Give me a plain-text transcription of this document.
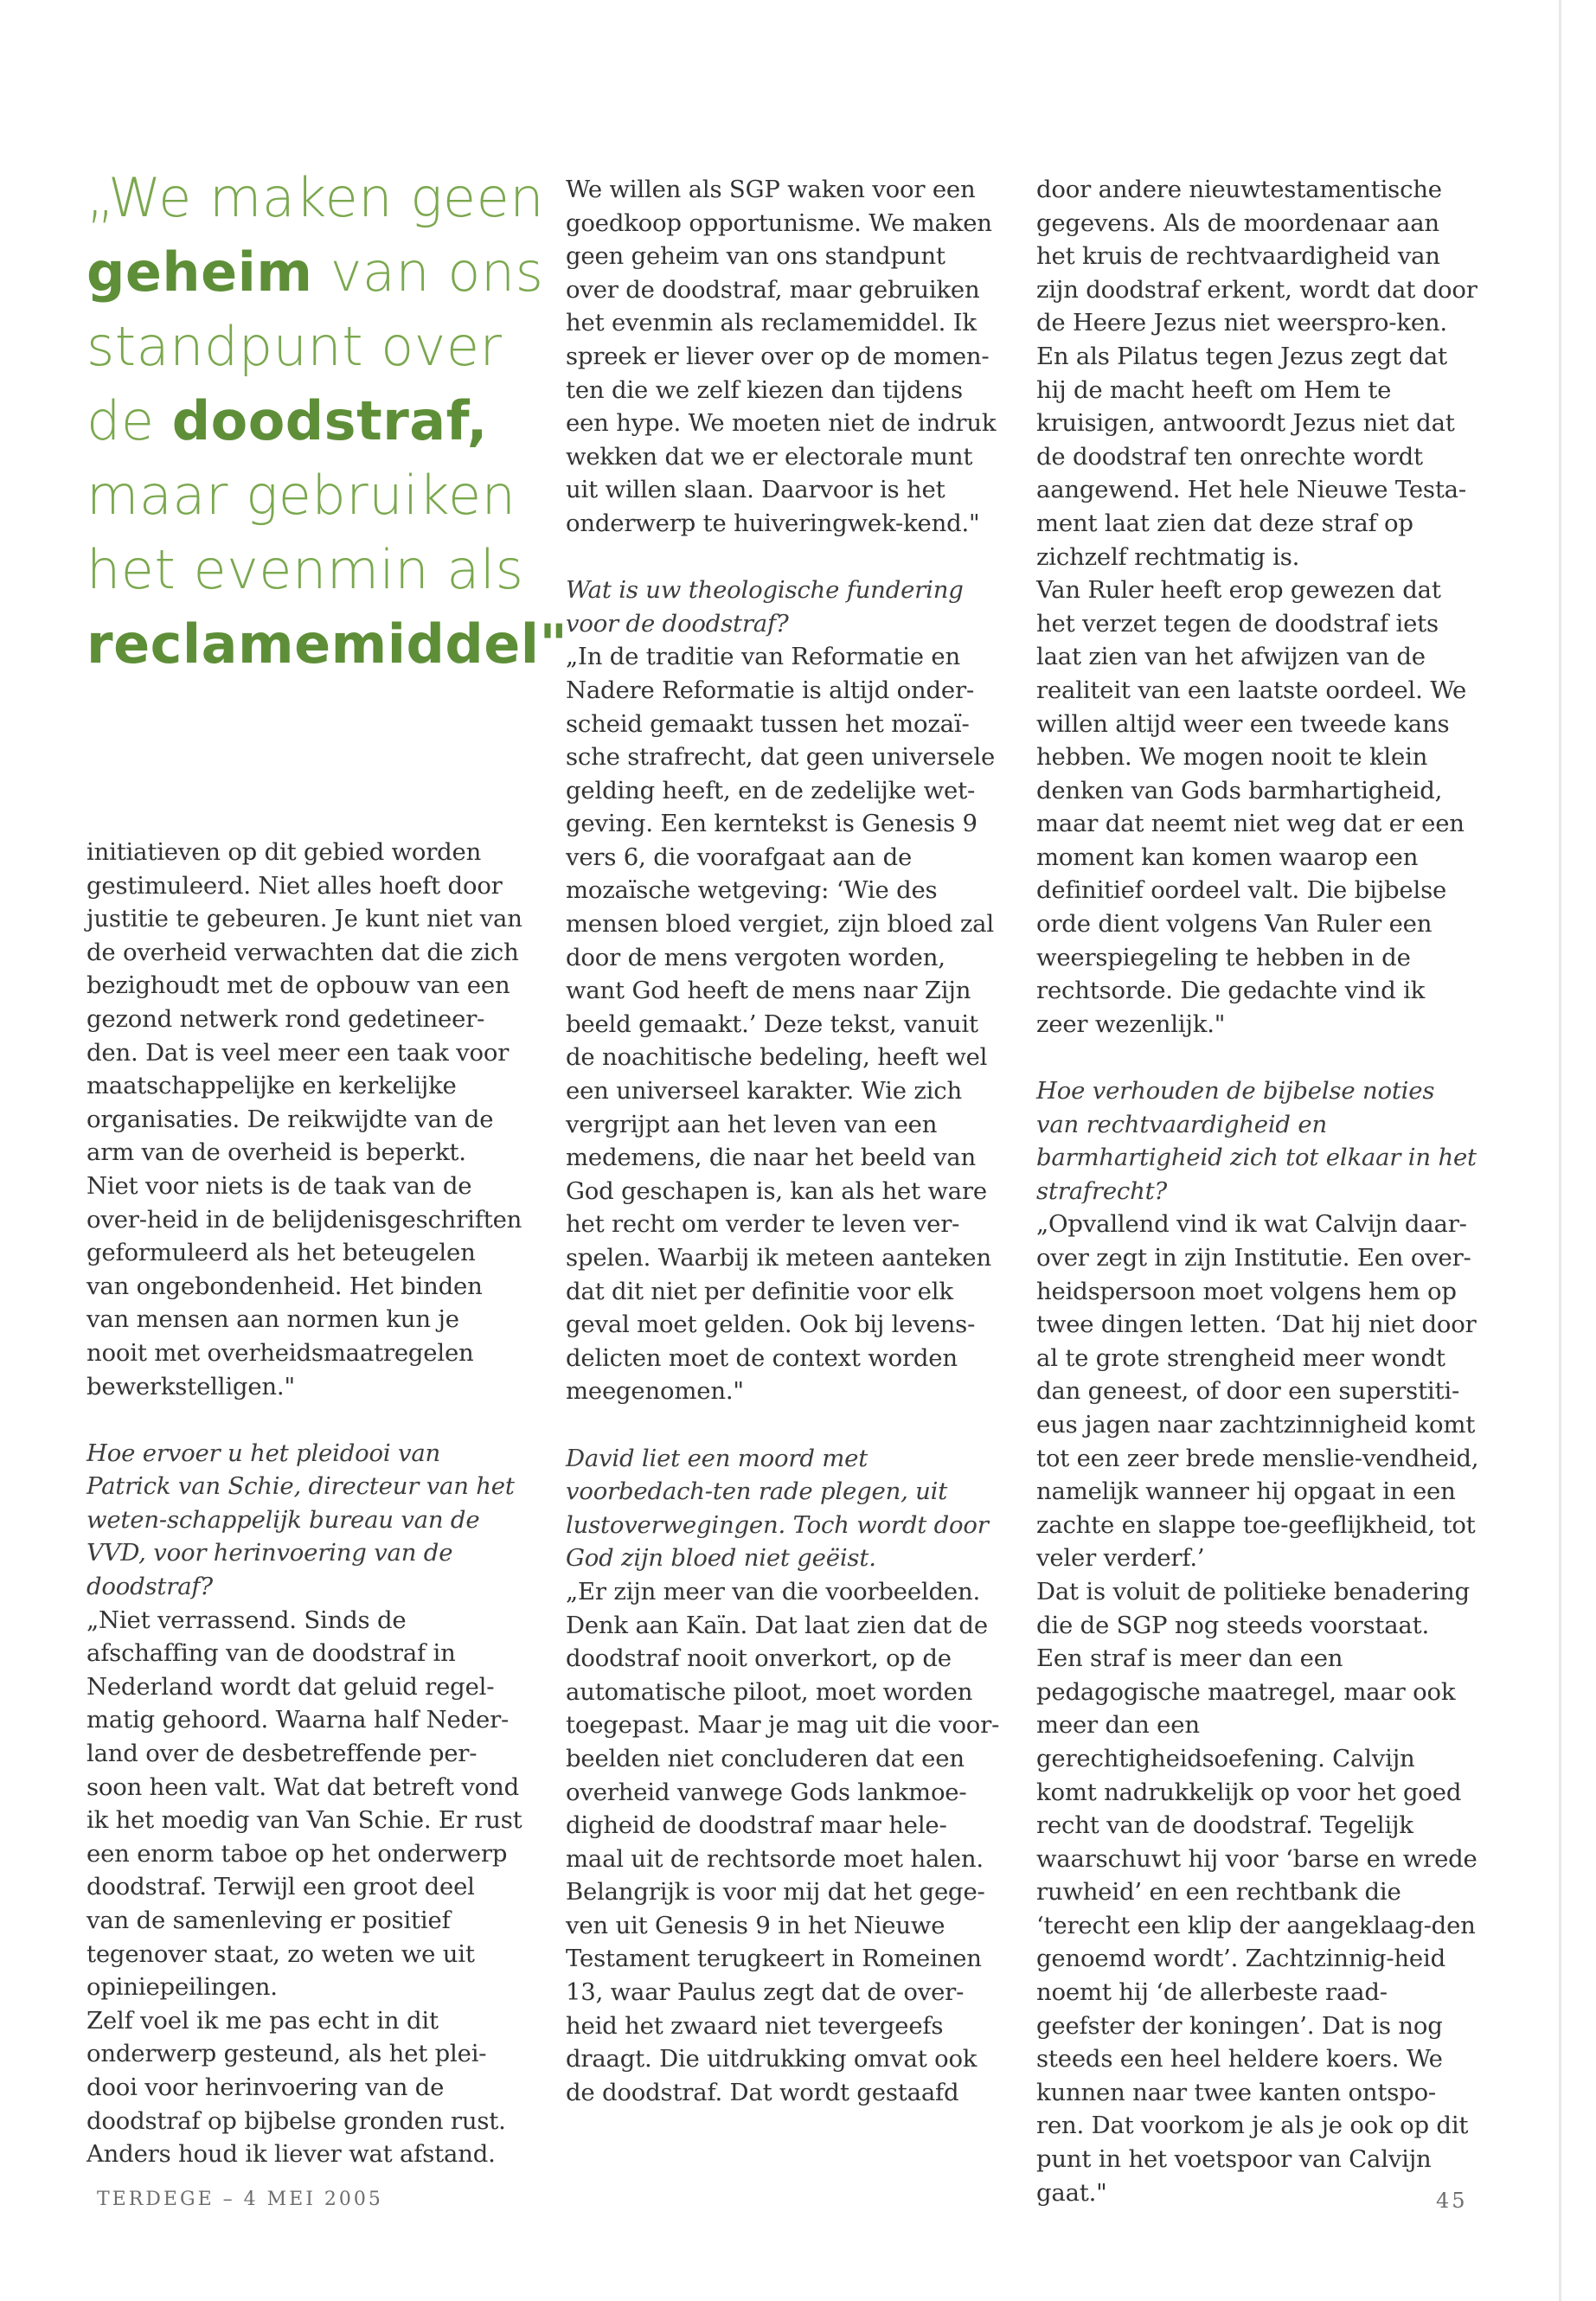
„We maken geen geheim van ons standpunt over de doodstraf, maar gebruiken het evenmin als reclamemiddel"

initiatieven op dit gebied worden gestimuleerd. Niet alles hoeft door justitie te gebeuren. Je kunt niet van de overheid verwachten dat die zich bezighoudt met de opbouw van een gezond netwerk rond gedetineer-den. Dat is veel meer een taak voor maatschappelijke en kerkelijke organisaties. De reikwijdte van de arm van de overheid is beperkt. Niet voor niets is de taak van de over-heid in de belijdenisgeschriften geformuleerd als het beteugelen van ongebondenheid. Het binden van mensen aan normen kun je nooit met overheidsmaatregelen bewerkstelligen."

Hoe ervoer u het pleidooi van Patrick van Schie, directeur van het weten-schappelijk bureau van de VVD, voor herinvoering van de doodstraf?

„Niet verrassend. Sinds de afschaffing van de doodstraf in Nederland wordt dat geluid regel-matig gehoord. Waarna half Neder-land over de desbetreffende per-soon heen valt. Wat dat betreft vond ik het moedig van Van Schie. Er rust een enorm taboe op het onderwerp doodstraf. Terwijl een groot deel van de samenleving er positief tegenover staat, zo weten we uit opiniepeilingen.

Zelf voel ik me pas echt in dit onderwerp gesteund, als het plei-dooi voor herinvoering van de doodstraf op bijbelse gronden rust. Anders houd ik liever wat afstand.

We willen als SGP waken voor een goedkoop opportunisme. We maken geen geheim van ons standpunt over de doodstraf, maar gebruiken het evenmin als reclamemiddel. Ik spreek er liever over op de momen-ten die we zelf kiezen dan tijdens een hype. We moeten niet de indruk wekken dat we er electorale munt uit willen slaan. Daarvoor is het onderwerp te huiveringwek-kend."

Wat is uw theologische fundering voor de doodstraf?

„In de traditie van Reformatie en Nadere Reformatie is altijd onder-scheid gemaakt tussen het mozaï-sche strafrecht, dat geen universele gelding heeft, en de zedelijke wet-geving. Een kerntekst is Genesis 9 vers 6, die voorafgaat aan de mozaïsche wetgeving: ‘Wie des mensen bloed vergiet, zijn bloed zal door de mens vergoten worden, want God heeft de mens naar Zijn beeld gemaakt.’ Deze tekst, vanuit de noachitische bedeling, heeft wel een universeel karakter. Wie zich vergrijpt aan het leven van een medemens, die naar het beeld van God geschapen is, kan als het ware het recht om verder te leven ver-spelen. Waarbij ik meteen aanteken dat dit niet per definitie voor elk geval moet gelden. Ook bij levens-delicten moet de context worden meegenomen."

David liet een moord met voorbedach-ten rade plegen, uit lustoverwegingen. Toch wordt door God zijn bloed niet geëist.

„Er zijn meer van die voorbeelden. Denk aan Kaïn. Dat laat zien dat de doodstraf nooit onverkort, op de automatische piloot, moet worden toegepast. Maar je mag uit die voor-beelden niet concluderen dat een overheid vanwege Gods lankmoe-digheid de doodstraf maar hele-maal uit de rechtsorde moet halen. Belangrijk is voor mij dat het gege-ven uit Genesis 9 in het Nieuwe Testament terugkeert in Romeinen 13, waar Paulus zegt dat de over-heid het zwaard niet tevergeefs draagt. Die uitdrukking omvat ook de doodstraf. Dat wordt gestaafd

door andere nieuwtestamentische gegevens. Als de moordenaar aan het kruis de rechtvaardigheid van zijn doodstraf erkent, wordt dat door de Heere Jezus niet weerspro-ken. En als Pilatus tegen Jezus zegt dat hij de macht heeft om Hem te kruisigen, antwoordt Jezus niet dat de doodstraf ten onrechte wordt aangewend. Het hele Nieuwe Testa-ment laat zien dat deze straf op zichzelf rechtmatig is.

Van Ruler heeft erop gewezen dat het verzet tegen de doodstraf iets laat zien van het afwijzen van de realiteit van een laatste oordeel. We willen altijd weer een tweede kans hebben. We mogen nooit te klein denken van Gods barmhartigheid, maar dat neemt niet weg dat er een moment kan komen waarop een definitief oordeel valt. Die bijbelse orde dient volgens Van Ruler een weerspiegeling te hebben in de rechtsorde. Die gedachte vind ik zeer wezenlijk."

Hoe verhouden de bijbelse noties van rechtvaardigheid en barmhartigheid zich tot elkaar in het strafrecht?

„Opvallend vind ik wat Calvijn daar-over zegt in zijn Institutie. Een over-heidspersoon moet volgens hem op twee dingen letten. ‘Dat hij niet door al te grote strengheid meer wondt dan geneest, of door een superstiti-eus jagen naar zachtzinnigheid komt tot een zeer brede menslie-vendheid, namelijk wanneer hij opgaat in een zachte en slappe toe-geeflijkheid, tot veler verderf.’

Dat is voluit de politieke benadering die de SGP nog steeds voorstaat. Een straf is meer dan een pedagogische maatregel, maar ook meer dan een gerechtigheidsoefening. Calvijn komt nadrukkelijk op voor het goed recht van de doodstraf. Tegelijk waarschuwt hij voor ‘barse en wrede ruwheid’ en een rechtbank die ‘terecht een klip der aangeklaag-den genoemd wordt’. Zachtzinnig-heid noemt hij ‘de allerbeste raad-geefster der koningen’. Dat is nog steeds een heel heldere koers. We kunnen naar twee kanten ontspo-ren. Dat voorkom je als je ook op dit punt in het voetspoor van Calvijn gaat."

TERDEGE – 4 MEI 2005	45
